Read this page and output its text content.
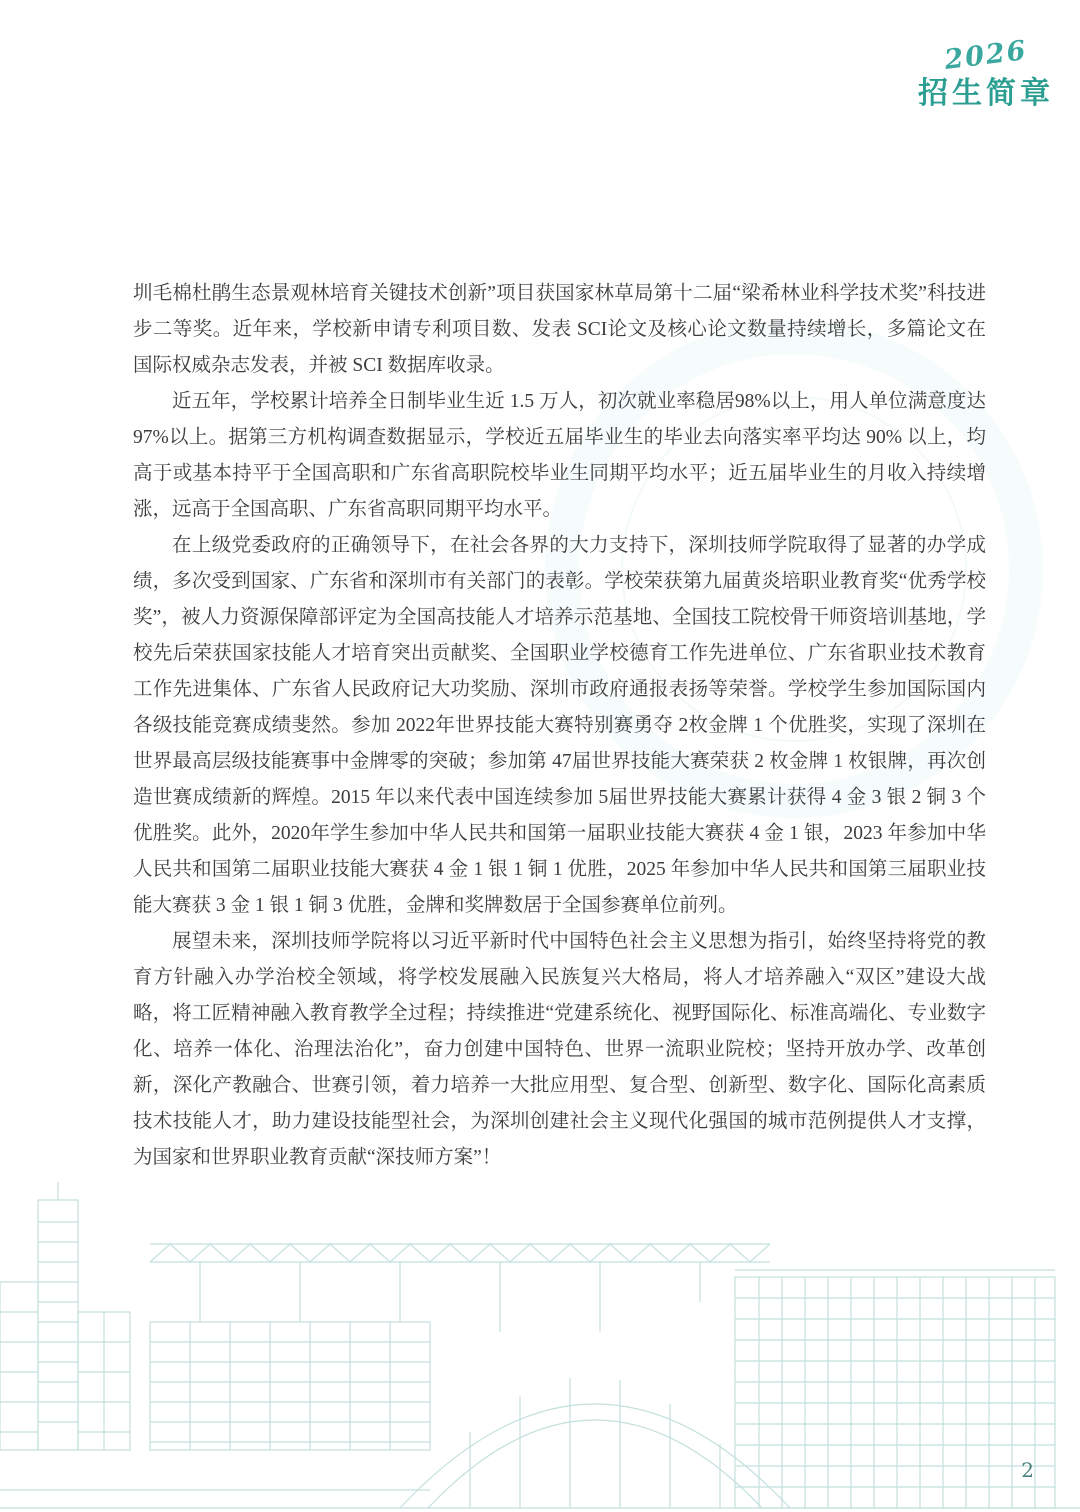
2026
招生简章

圳毛棉杜鹃生态景观林培育关键技术创新”项目获国家林草局第十二届“梁希林业科学技术奖”科技进步二等奖。近年来，学校新申请专利项目数、发表 SCI论文及核心论文数量持续增长，多篇论文在国际权威杂志发表，并被 SCI 数据库收录。

近五年，学校累计培养全日制毕业生近 1.5 万人，初次就业率稳居98%以上，用人单位满意度达 97%以上。据第三方机构调查数据显示，学校近五届毕业生的毕业去向落实率平均达 90% 以上，均高于或基本持平于全国高职和广东省高职院校毕业生同期平均水平；近五届毕业生的月收入持续增涨，远高于全国高职、广东省高职同期平均水平。

在上级党委政府的正确领导下，在社会各界的大力支持下，深圳技师学院取得了显著的办学成绩，多次受到国家、广东省和深圳市有关部门的表彰。学校荣获第九届黄炎培职业教育奖“优秀学校奖”，被人力资源保障部评定为全国高技能人才培养示范基地、全国技工院校骨干师资培训基地，学校先后荣获国家技能人才培育突出贡献奖、全国职业学校德育工作先进单位、广东省职业技术教育工作先进集体、广东省人民政府记大功奖励、深圳市政府通报表扬等荣誉。学校学生参加国际国内各级技能竞赛成绩斐然。参加 2022年世界技能大赛特别赛勇夺 2枚金牌 1 个优胜奖，实现了深圳在世界最高层级技能赛事中金牌零的突破；参加第 47届世界技能大赛荣获 2 枚金牌 1 枚银牌，再次创造世赛成绩新的辉煌。2015 年以来代表中国连续参加 5届世界技能大赛累计获得 4 金 3 银 2 铜 3 个优胜奖。此外，2020年学生参加中华人民共和国第一届职业技能大赛获 4 金 1 银，2023 年参加中华人民共和国第二届职业技能大赛获 4 金 1 银 1 铜 1 优胜，2025 年参加中华人民共和国第三届职业技能大赛获 3 金 1 银 1 铜 3 优胜，金牌和奖牌数居于全国参赛单位前列。

展望未来，深圳技师学院将以习近平新时代中国特色社会主义思想为指引，始终坚持将党的教育方针融入办学治校全领域，将学校发展融入民族复兴大格局，将人才培养融入“双区”建设大战略，将工匠精神融入教育教学全过程；持续推进“党建系统化、视野国际化、标准高端化、专业数字化、培养一体化、治理法治化”，奋力创建中国特色、世界一流职业院校；坚持开放办学、改革创新，深化产教融合、世赛引领，着力培养一大批应用型、复合型、创新型、数字化、国际化高素质技术技能人才，助力建设技能型社会，为深圳创建社会主义现代化强国的城市范例提供人才支撑，为国家和世界职业教育贡献“深技师方案”！

2
